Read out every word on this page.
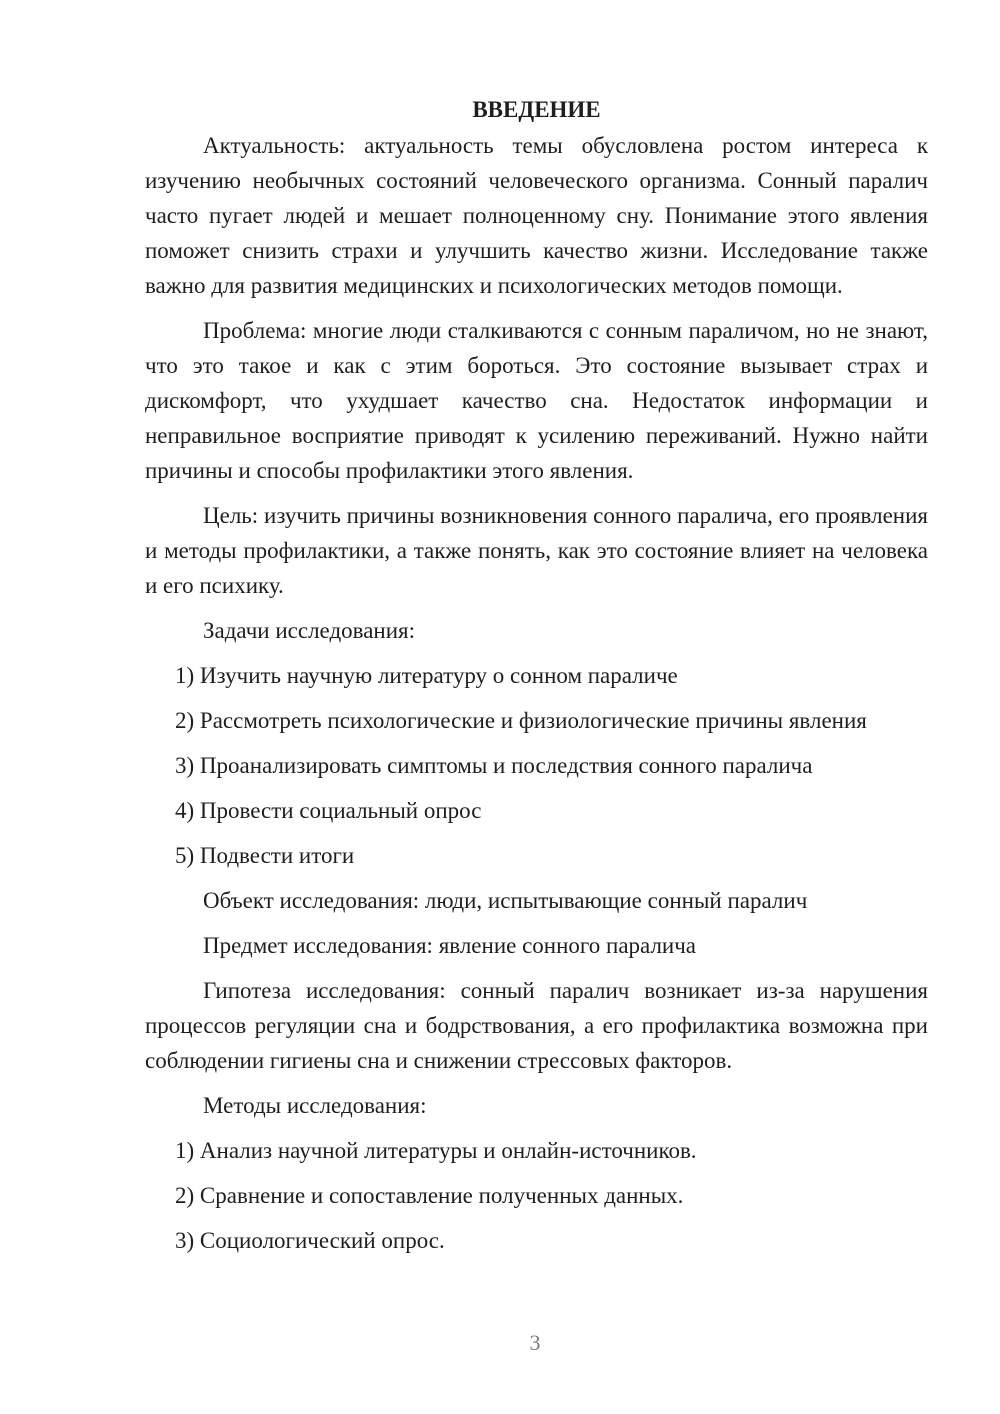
ВВЕДЕНИЕ

Актуальность: актуальность темы обусловлена ростом интереса к изучению необычных состояний человеческого организма. Сонный паралич часто пугает людей и мешает полноценному сну. Понимание этого явления поможет снизить страхи и улучшить качество жизни. Исследование также важно для развития медицинских и психологических методов помощи.

Проблема: многие люди сталкиваются с сонным параличом, но не знают, что это такое и как с этим бороться. Это состояние вызывает страх и дискомфорт, что ухудшает качество сна. Недостаток информации и неправильное восприятие приводят к усилению переживаний. Нужно найти причины и способы профилактики этого явления.

Цель: изучить причины возникновения сонного паралича, его проявления и методы профилактики, а также понять, как это состояние влияет на человека и его психику.

Задачи исследования:

1) Изучить научную литературу о сонном параличе

2) Рассмотреть психологические и физиологические причины явления

3) Проанализировать симптомы и последствия сонного паралича

4) Провести социальный опрос

5) Подвести итоги

Объект исследования: люди, испытывающие сонный паралич

Предмет исследования: явление сонного паралича

Гипотеза исследования: сонный паралич возникает из-за нарушения процессов регуляции сна и бодрствования, а его профилактика возможна при соблюдении гигиены сна и снижении стрессовых факторов.

Методы исследования:

1) Анализ научной литературы и онлайн-источников.

2) Сравнение и сопоставление полученных данных.

3) Социологический опрос.

3
